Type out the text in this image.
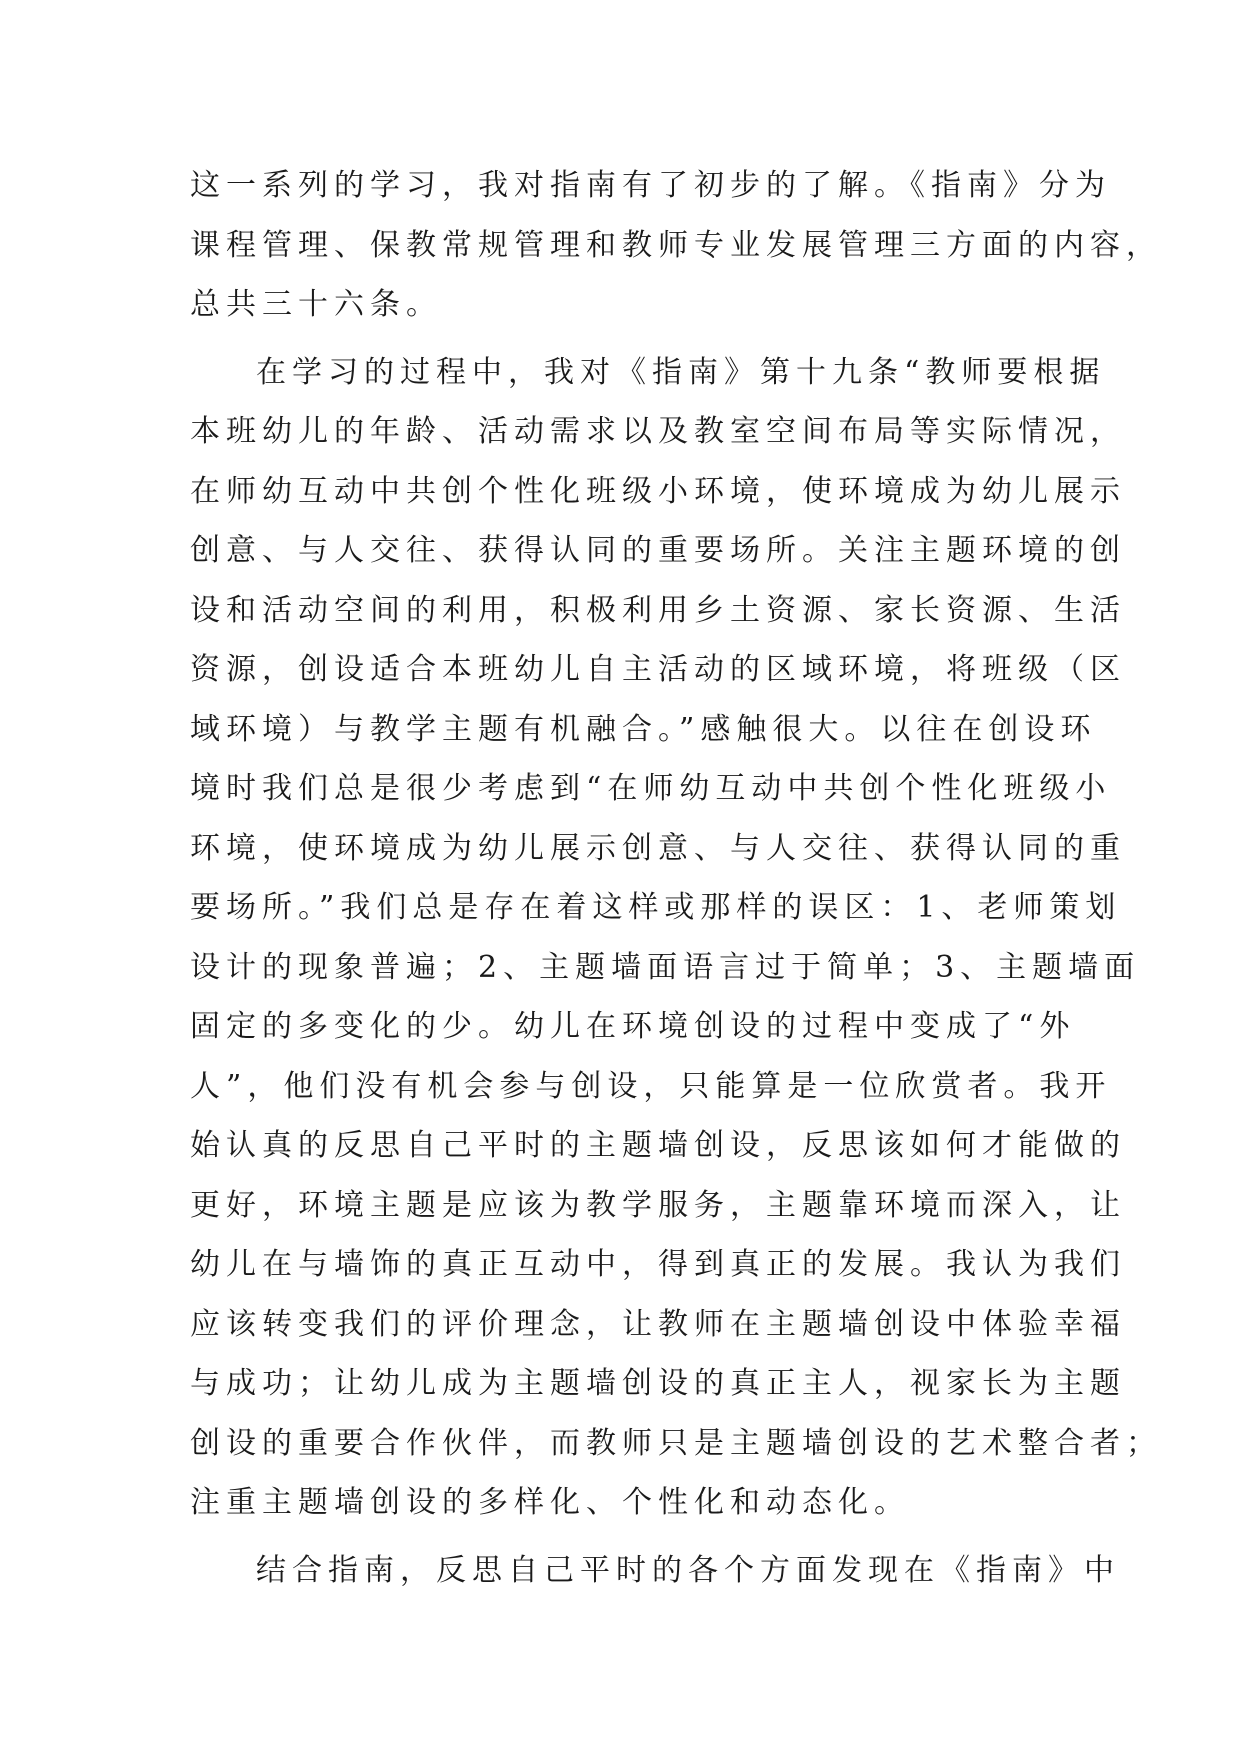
这一系列的学习，我对指南有了初步的了解。《指南》分为
课程管理、保教常规管理和教师专业发展管理三方面的内容，
总共三十六条。
在学习的过程中，我对《指南》第十九条“教师要根据
本班幼儿的年龄、活动需求以及教室空间布局等实际情况，
在师幼互动中共创个性化班级小环境，使环境成为幼儿展示
创意、与人交往、获得认同的重要场所。关注主题环境的创
设和活动空间的利用，积极利用乡土资源、家长资源、生活
资源，创设适合本班幼儿自主活动的区域环境，将班级（区
域环境）与教学主题有机融合。”感触很大。以往在创设环
境时我们总是很少考虑到“在师幼互动中共创个性化班级小
环境，使环境成为幼儿展示创意、与人交往、获得认同的重
要场所。”我们总是存在着这样或那样的误区：1、老师策划
设计的现象普遍；2、主题墙面语言过于简单；3、主题墙面
固定的多变化的少。幼儿在环境创设的过程中变成了“外
人”，他们没有机会参与创设，只能算是一位欣赏者。我开
始认真的反思自己平时的主题墙创设，反思该如何才能做的
更好，环境主题是应该为教学服务，主题靠环境而深入，让
幼儿在与墙饰的真正互动中，得到真正的发展。我认为我们
应该转变我们的评价理念，让教师在主题墙创设中体验幸福
与成功；让幼儿成为主题墙创设的真正主人，视家长为主题
创设的重要合作伙伴，而教师只是主题墙创设的艺术整合者；
注重主题墙创设的多样化、个性化和动态化。
结合指南，反思自己平时的各个方面发现在《指南》中
